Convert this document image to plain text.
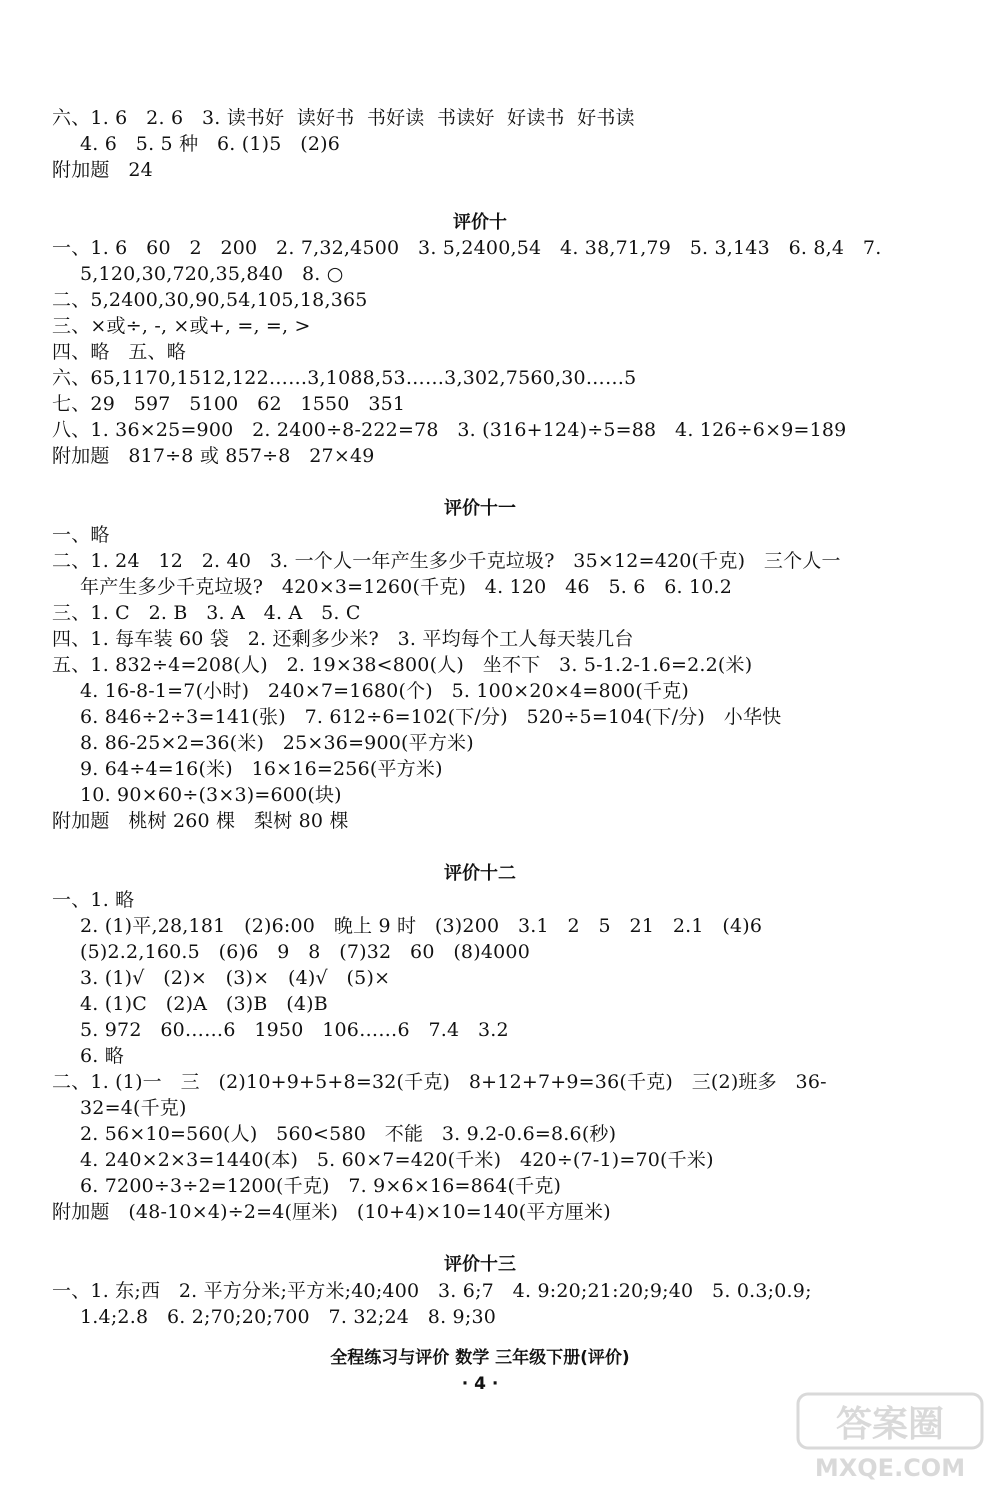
六、1. 6   2. 6   3. 读书好  读好书  书好读  书读好  好读书  好书读
4. 6   5. 5 种   6. (1)5   (2)6
附加题   24
评价十
一、1. 6   60   2   200   2. 7,32,4500   3. 5,2400,54   4. 38,71,79   5. 3,143   6. 8,4   7.
5,120,30,720,35,840   8. ○
二、5,2400,30,90,54,105,18,365
三、×或÷, -, ×或+, =, =, >
四、略   五、略
六、65,1170,1512,122……3,1088,53……3,302,7560,30……5
七、29   597   5100   62   1550   351
八、1. 36×25=900   2. 2400÷8-222=78   3. (316+124)÷5=88   4. 126÷6×9=189
附加题   817÷8 或 857÷8   27×49
评价十一
一、略
二、1. 24   12   2. 40   3. 一个人一年产生多少千克垃圾?   35×12=420(千克)   三个人一
年产生多少千克垃圾?   420×3=1260(千克)   4. 120   46   5. 6   6. 10.2
三、1. C   2. B   3. A   4. A   5. C
四、1. 每车装 60 袋   2. 还剩多少米?   3. 平均每个工人每天装几台
五、1. 832÷4=208(人)   2. 19×38<800(人)   坐不下   3. 5-1.2-1.6=2.2(米)
4. 16-8-1=7(小时)   240×7=1680(个)   5. 100×20×4=800(千克)
6. 846÷2÷3=141(张)   7. 612÷6=102(下/分)   520÷5=104(下/分)   小华快
8. 86-25×2=36(米)   25×36=900(平方米)
9. 64÷4=16(米)   16×16=256(平方米)
10. 90×60÷(3×3)=600(块)
附加题   桃树 260 棵   梨树 80 棵
评价十二
一、1. 略
2. (1)平,28,181   (2)6:00   晚上 9 时   (3)200   3.1   2   5   21   2.1   (4)6
(5)2.2,160.5   (6)6   9   8   (7)32   60   (8)4000
3. (1)√   (2)×   (3)×   (4)√   (5)×
4. (1)C   (2)A   (3)B   (4)B
5. 972   60……6   1950   106……6   7.4   3.2
6. 略
二、1. (1)一   三   (2)10+9+5+8=32(千克)   8+12+7+9=36(千克)   三(2)班多   36-
32=4(千克)
2. 56×10=560(人)   560<580   不能   3. 9.2-0.6=8.6(秒)
4. 240×2×3=1440(本)   5. 60×7=420(千米)   420÷(7-1)=70(千米)
6. 7200÷3÷2=1200(千克)   7. 9×6×16=864(千克)
附加题   (48-10×4)÷2=4(厘米)   (10+4)×10=140(平方厘米)
评价十三
一、1. 东;西   2. 平方分米;平方米;40;400   3. 6;7   4. 9:20;21:20;9;40   5. 0.3;0.9;
1.4;2.8   6. 2;70;20;700   7. 32;24   8. 9;30
全程练习与评价 数学 三年级下册(评价)
· 4 ·
答案圈
MXQE.COM
